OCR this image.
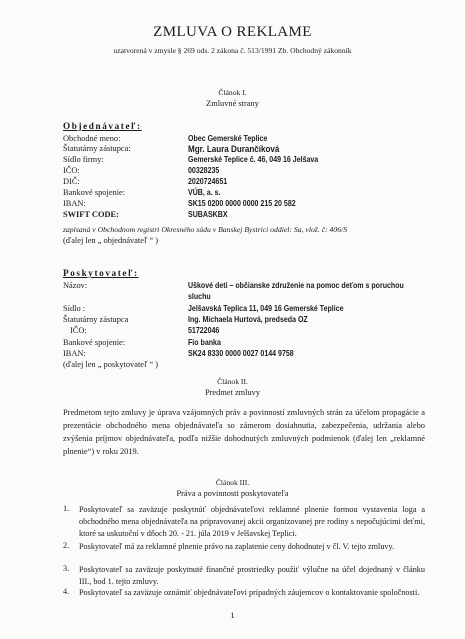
ZMLUVA O REKLAME
uzatvorená v zmysle § 269 ods. 2 zákona č. 513/1991 Zb. Obchodný zákonník
Článok I.
Zmluvné strany
Objednávateľ:
Obchodné meno:	Obec Gemerské Teplice
Štatutárny zástupca:	Mgr. Laura Durančíková
Sídlo firmy:	Gemerské Teplice č. 46, 049 16 Jelšava
IČO:	00328235
DIČ:	2020724651
Bankové spojenie:	VÚB, a. s.
IBAN:	SK15 0200 0000 0000 215 20 582
SWIFT CODE:	SUBASKBX
zapísaná v Obchodnom registri Okresného súdu v Banskej Bystrici oddiel: Sa, vlož. č: 406/S
(ďalej len „ objednávateľ “ )
Poskytovateľ:
Názov:	Uškové deti – občianske združenie na pomoc deťom s poruchou
sluchu
Sídlo :	Jelšavská Teplica 11, 049 16 Gemerské Teplice
Štatutárny zástupca	Ing. Michaela Hurtová, predseda OZ
IČO:	51722046
Bankové spojenie:	Fio banka
IBAN:	SK24 8330 0000 0027 0144 9758
(ďalej len „ poskytovateľ “ )
Článok II.
Predmet zmluvy
Predmetom tejto zmluvy je úprava vzájomných práv a povinností zmluvných strán za účelom propagácie a prezentácie obchodného mena objednávateľa so zámerom dosiahnutia, zabezpečenia, udržania alebo zvýšenia príjmov objednávateľa, podľa nižšie dohodnutých zmluvných podmienok (ďalej len „reklamné plnenie“) v roku 2019.
Článok III.
Práva a povinnosti poskytovateľa
1. Poskytovateľ sa zaväzuje poskytnúť objednávateľovi reklamné plnenie formou vystavenia loga a obchodného mena objednávateľa na pripravovanej akcii organizovanej pre rodiny s nepočujúcimi deťmi, ktoré sa uskutoční v dňoch 20. - 21. júla 2019 v Jelšavskej Teplici.
2. Poskytovateľ má za reklamné plnenie právo na zaplatenie ceny dohodnutej v čl. V. tejto zmluvy.
3. Poskytovateľ sa zaväzuje poskytnuté finančné prostriedky použiť výlučne na účel dojednaný v článku III., bod 1. tejto zmluvy.
4. Poskytovateľ sa zaväzuje oznámiť objednávateľovi prípadných záujemcov o kontaktovanie spoločnosti.
1
